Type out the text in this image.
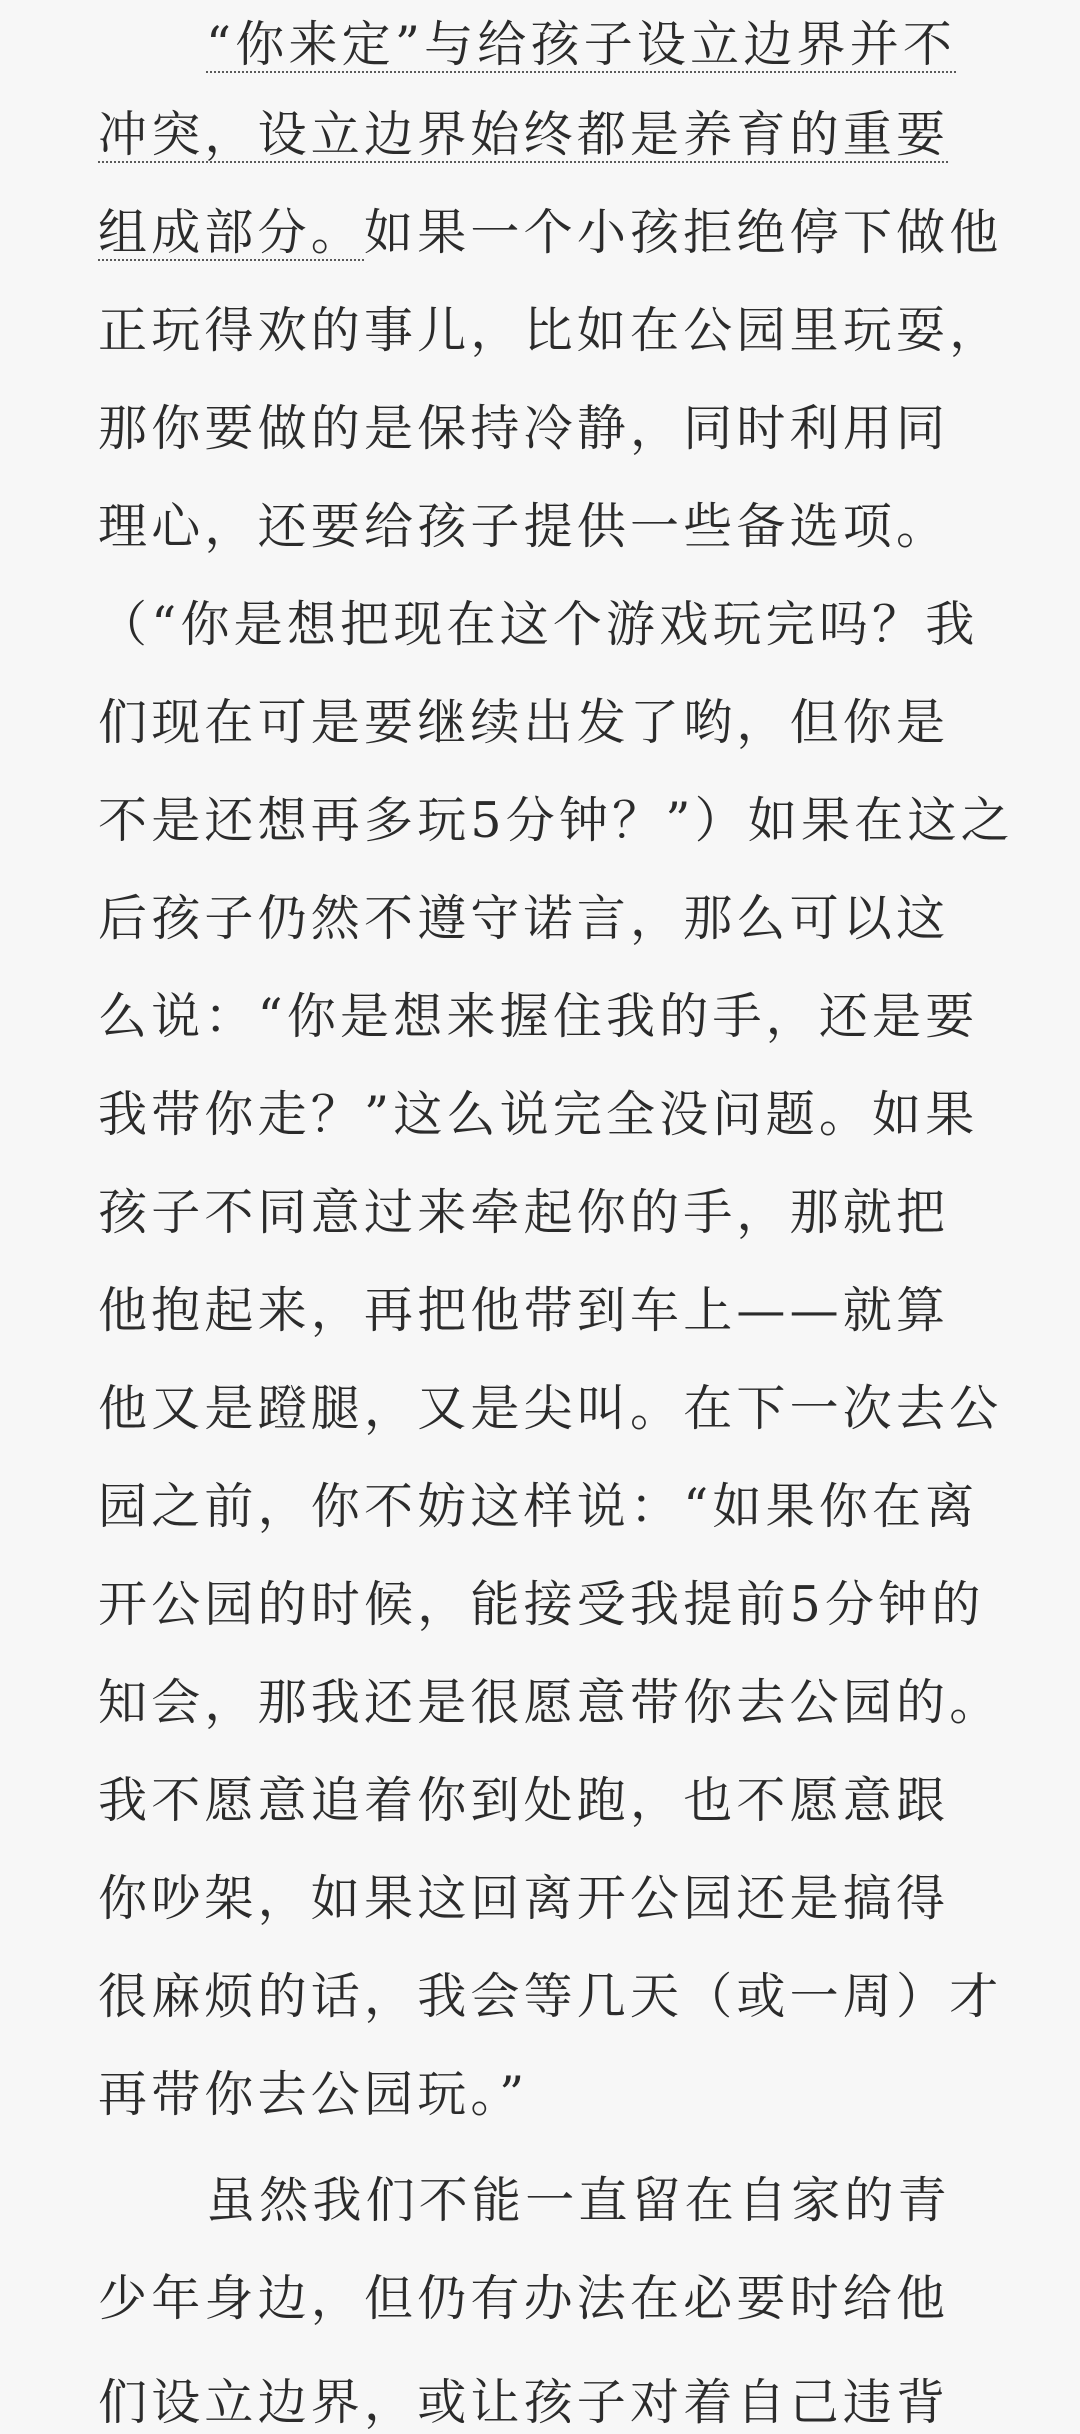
“你来定”与给孩子设立边界并不
冲突，设立边界始终都是养育的重要
组成部分。 如果一个小孩拒绝停下做他
正玩得欢的事儿，比如在公园里玩耍，
那你要做的是保持冷静，同时利用同
理心，还要给孩子提供一些备选项。
（“你是想把现在这个游戏玩完吗？我
们现在可是要继续出发了哟，但你是
不是还想再多玩5分钟？”）如果在这之
后孩子仍然不遵守诺言，那么可以这
么说：“你是想来握住我的手，还是要
我带你走？”这么说完全没问题。如果
孩子不同意过来牵起你的手，那就把
他抱起来，再把他带到车上——就算
他又是蹬腿，又是尖叫。在下一次去公
园之前，你不妨这样说：“如果你在离
开公园的时候，能接受我提前5分钟的
知会，那我还是很愿意带你去公园的。
我不愿意追着你到处跑，也不愿意跟
你吵架，如果这回离开公园还是搞得
很麻烦的话，我会等几天（或一周）才
再带你去公园玩。”
虽然我们不能一直留在自家的青
少年身边，但仍有办法在必要时给他
们设立边界，或让孩子对着自己违背
